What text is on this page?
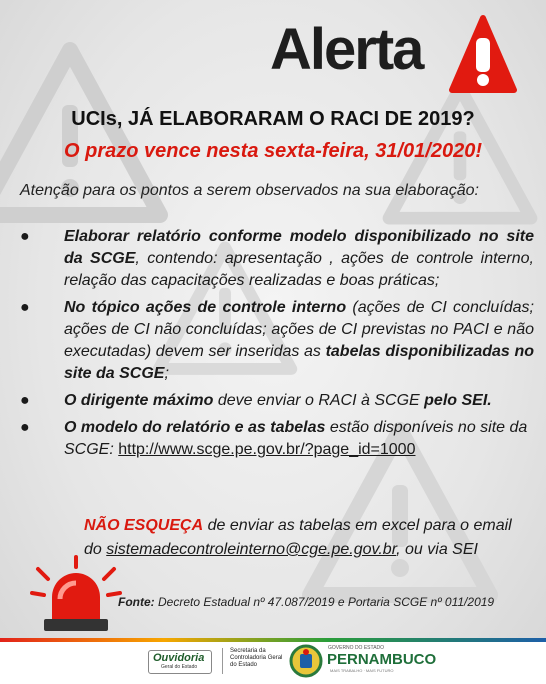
Alerta
UCIs, JÁ ELABORARAM O RACI DE 2019?
O prazo vence nesta sexta-feira, 31/01/2020!
Atenção para os pontos a serem observados na sua elaboração:
● Elaborar relatório conforme modelo disponibilizado no site da SCGE, contendo: apresentação , ações de controle interno, relação das capacitações realizadas e boas práticas;
● No tópico ações de controle interno (ações de CI concluídas; ações de CI não concluídas; ações de CI previstas no PACI e não executadas) devem ser inseridas as tabelas disponibilizadas no site da SCGE;
● O dirigente máximo deve enviar o RACI à SCGE pelo SEI.
● O modelo do relatório e as tabelas estão disponíveis no site da SCGE: http://www.scge.pe.gov.br/?page_id=1000
NÃO ESQUEÇA de enviar as tabelas em excel para o email do sistemadecontroleinterno@cge.pe.gov.br, ou via SEI
Fonte: Decreto Estadual nº 47.087/2019 e Portaria SCGE nº 011/2019
Ouvidoria
Geral do Estado
Secretaria da Controladoria Geral do Estado
GOVERNO DO ESTADO
PERNAMBUCO
MAIS TRABALHO · MAIS FUTURO
